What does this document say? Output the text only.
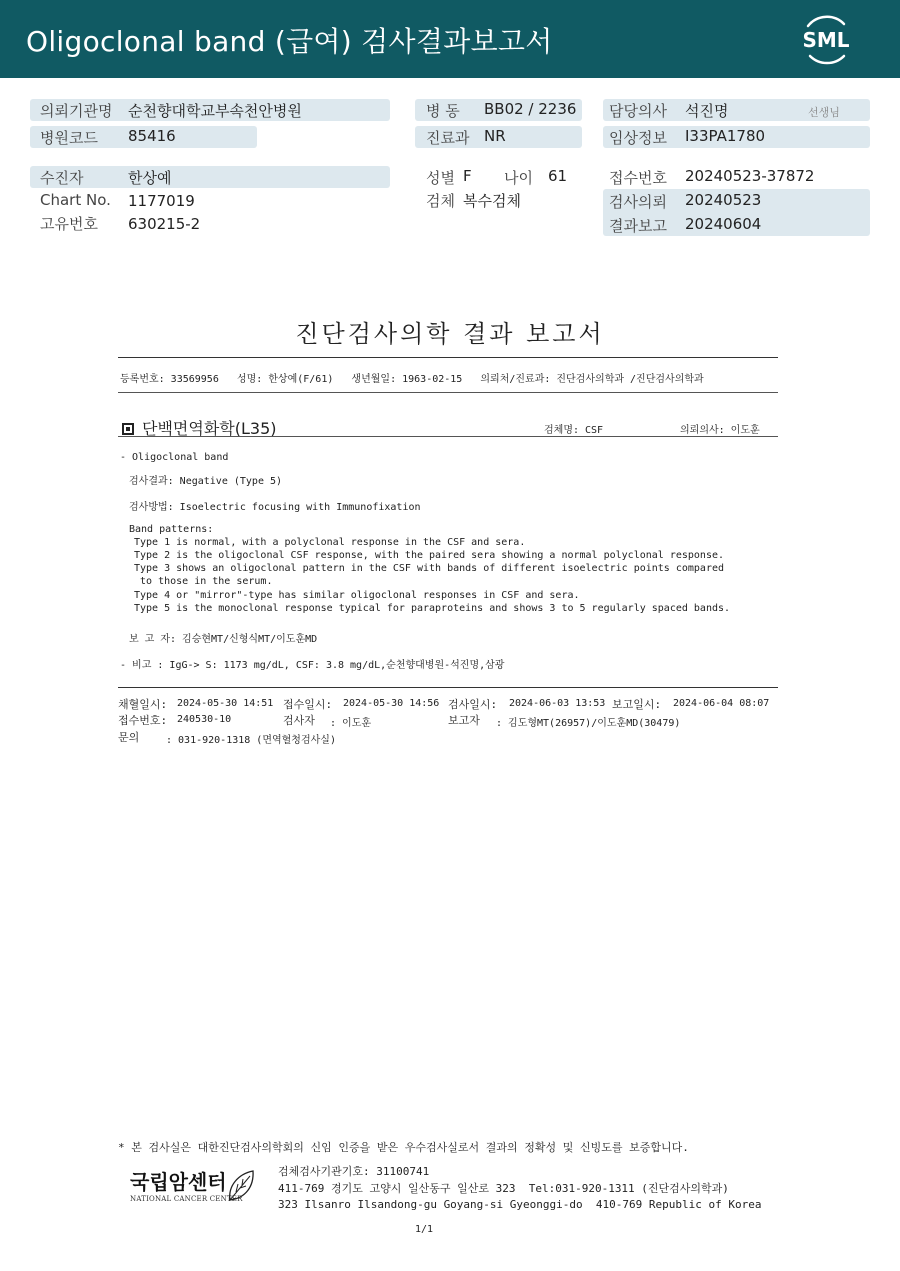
Oligoclonal band (급여) 검사결과보고서	SML
의뢰기관명 순천향대학교부속천안병원
병원코드 85416
수진자	한상예
Chart No. 1177019
고유번호 630215-2
병 동 BB02 / 2236
진료과 NR
성별 F 나이 61
검체 복수검체
담당의사 석진명	선생님
임상정보 I33PA1780
접수번호 20240523-37872
검사의뢰 20240523
결과보고 20240604
진단검사의학 결과 보고서
등록번호: 33569956   성명: 한상예(F/61)   생년월일: 1963-02-15   의뢰처/진료과: 진단검사의학과 /진단검사의학과
단백면역화학(L35)	검체명: CSF	의뢰의사: 이도훈
- Oligoclonal band
검사결과: Negative (Type 5)
검사방법: Isoelectric focusing with Immunofixation
Band patterns:
Type 1 is normal, with a polyclonal response in the CSF and sera.
Type 2 is the oligoclonal CSF response, with the paired sera showing a normal polyclonal response.
Type 3 shows an oligoclonal pattern in the CSF with bands of different isoelectric points compared
to those in the serum.
Type 4 or "mirror"-type has similar oligoclonal responses in CSF and sera.
Type 5 is the monoclonal response typical for paraproteins and shows 3 to 5 regularly spaced bands.
보 고 자: 김승현MT/신형식MT/이도훈MD
- 비고 : IgG-> S: 1173 mg/dL, CSF: 3.8 mg/dL,순천향대병원-석진명,삼광
채혈일시: 2024-05-30 14:51 접수일시: 2024-05-30 14:56 검사일시: 2024-06-03 13:53 보고일시: 2024-06-04 08:07
접수번호: 240530-10	검사자 : 이도훈	보고자 : 김도형MT(26957)/이도훈MD(30479)
문의	: 031-920-1318 (면역혈청검사실)
* 본 검사실은 대한진단검사의학회의 신임 인증을 받은 우수검사실로서 결과의 정확성 및 신빙도를 보증합니다.
국립암센터
NATIONAL CANCER CENTER
검체검사기관기호: 31100741
411-769 경기도 고양시 일산동구 일산로 323  Tel:031-920-1311 (진단검사의학과)
323 Ilsanro Ilsandong-gu Goyang-si Gyeonggi-do  410-769 Republic of Korea
1/1
